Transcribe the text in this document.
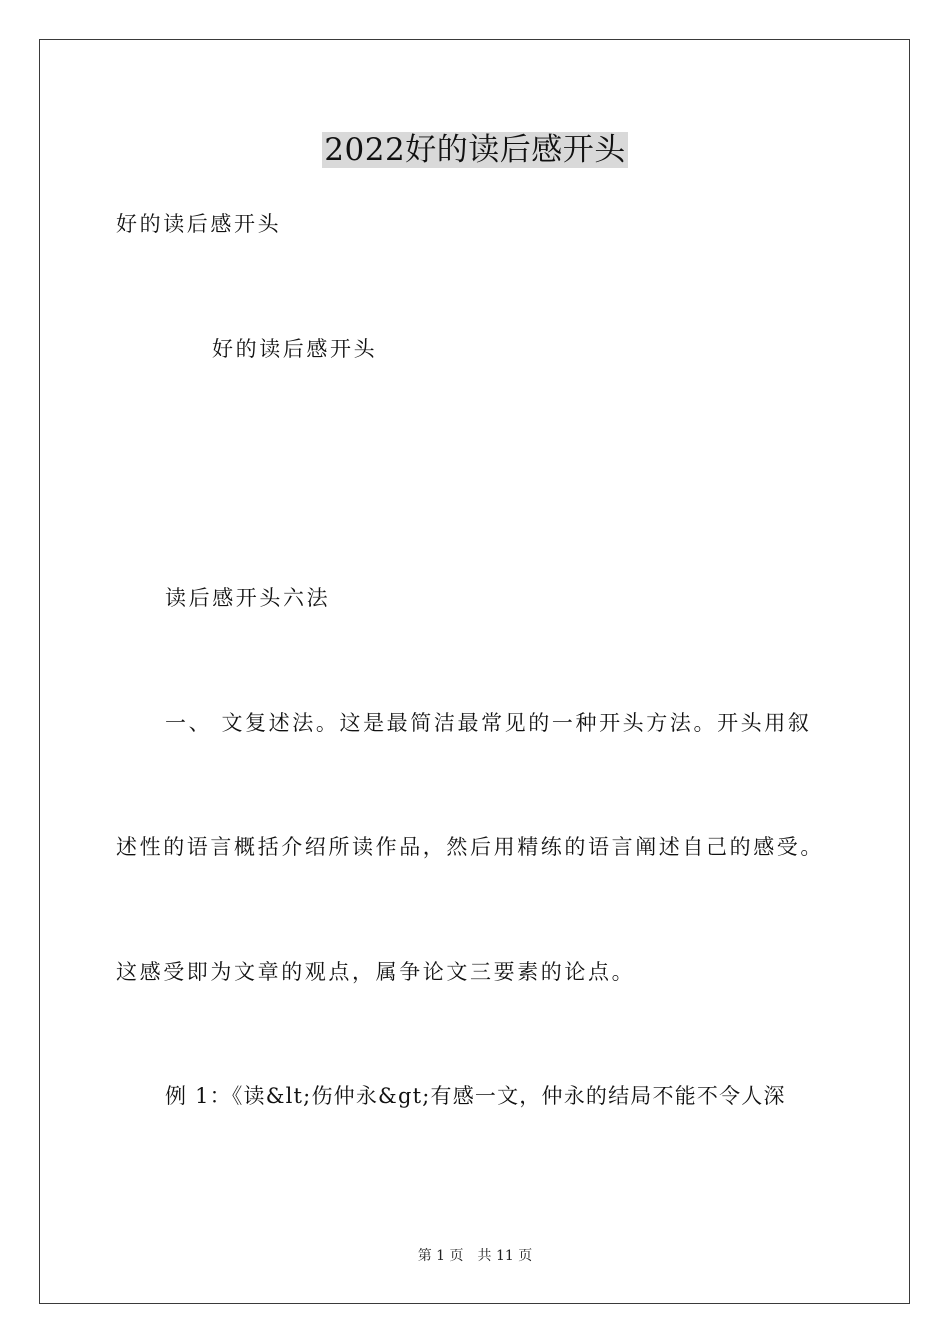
2022好的读后感开头
好的读后感开头
好的读后感开头
读后感开头六法
一、 文复述法。这是最简洁最常见的一种开头方法。开头用叙
述性的语言概括介绍所读作品，然后用精练的语言阐述自己的感受。
这感受即为文章的观点，属争论文三要素的论点。
例 1：《读&lt;伤仲永&gt;有感一文，仲永的结局不能不令人深
第 1 页 共 11 页
